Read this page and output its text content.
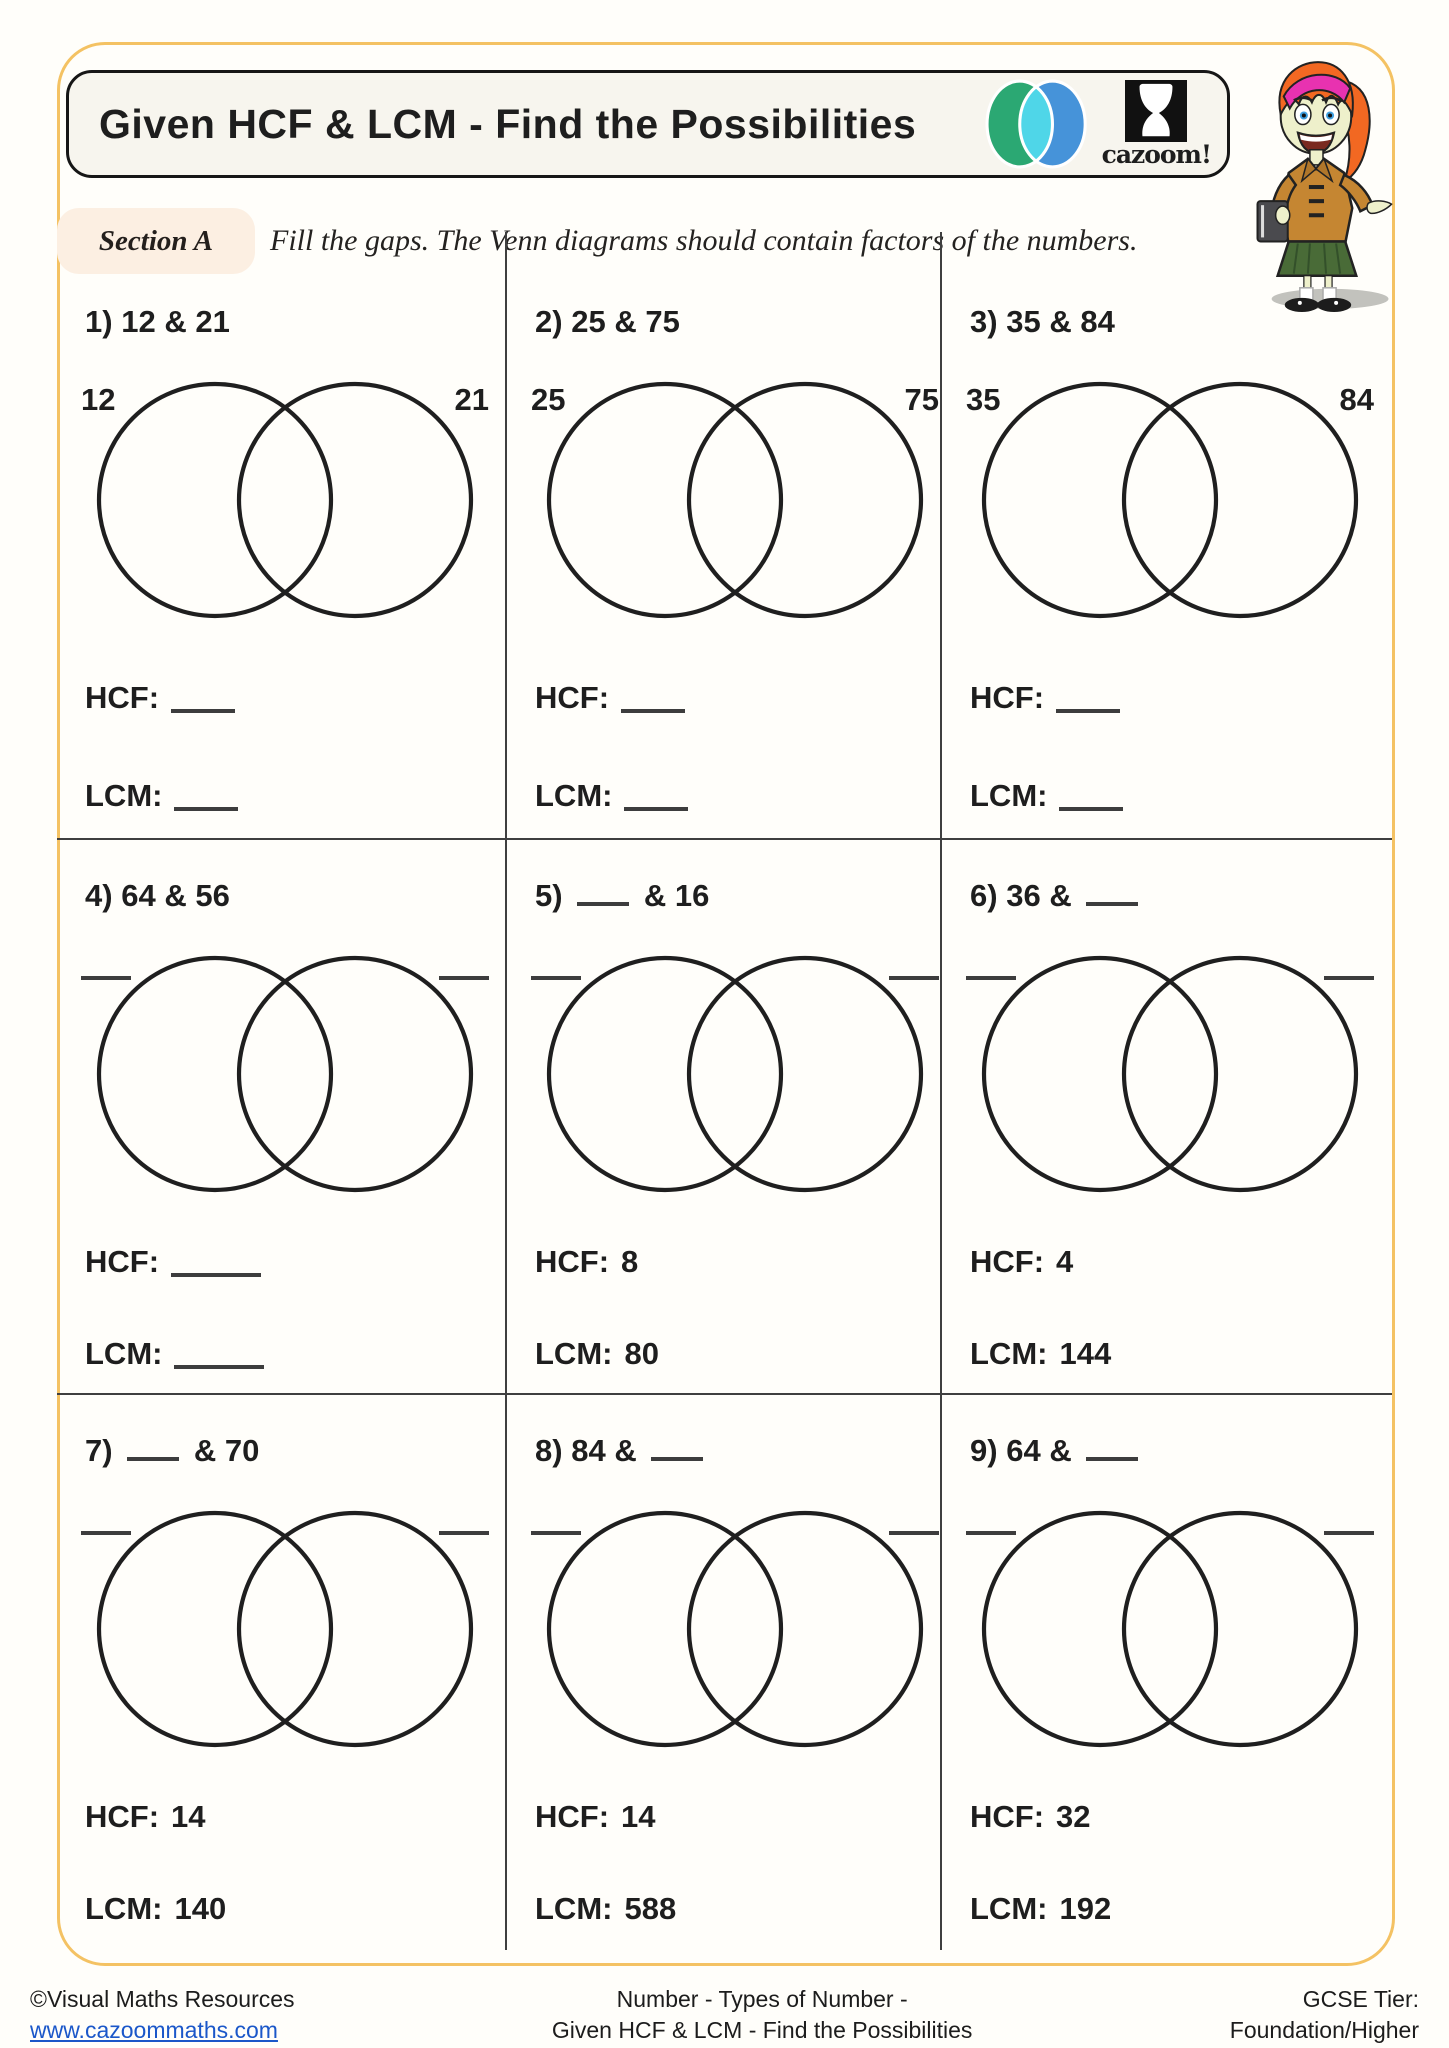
Given HCF & LCM - Find the Possibilities
cazoom!
Section A Fill the gaps. The Venn diagrams should contain factors of the numbers.
1) 12 & 21
12	21
HCF:
LCM:
2) 25 & 75
25	75
HCF:
LCM:
3) 35 & 84
35	84
HCF:
LCM:
4) 64 & 56
HCF:
LCM:
5)	& 16
HCF: 8
LCM: 80
6) 36 &
HCF: 4
LCM: 144
7)	& 70
HCF: 14
LCM: 140
8) 84 &
HCF: 14
LCM: 588
9) 64 &
HCF: 32
LCM: 192
©Visual Maths Resources
www.cazoommaths.com
Number - Types of Number -
Given HCF & LCM - Find the Possibilities
GCSE Tier:
Foundation/Higher
